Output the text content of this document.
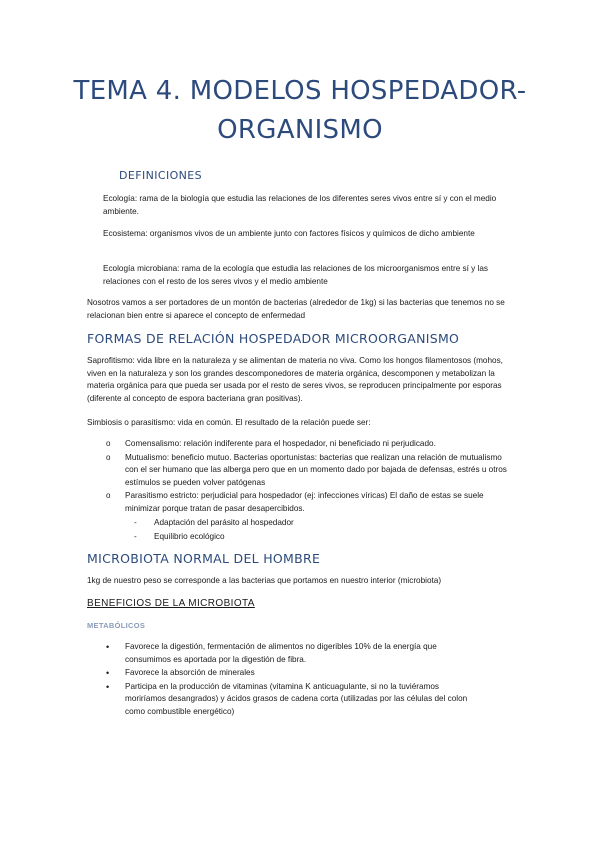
TEMA 4. MODELOS HOSPEDADOR-
ORGANISMO
DEFINICIONES

Ecología: rama de la biología que estudia las relaciones de los diferentes seres vivos entre sí y con el medio ambiente.

Ecosistema: organismos vivos de un ambiente junto con factores físicos y químicos de dicho ambiente

Ecología microbiana: rama de la ecología que estudia las relaciones de los microorganismos entre sí y las relaciones con el resto de los seres vivos y el medio ambiente

Nosotros vamos a ser portadores de un montón de bacterias (alrededor de 1kg) si las bacterias que tenemos no se relacionan bien entre si aparece el concepto de enfermedad

FORMAS DE RELACIÓN HOSPEDADOR MICROORGANISMO

Saprofitismo: vida libre en la naturaleza y se alimentan de materia no viva. Como los hongos filamentosos (mohos, viven en la naturaleza y son los grandes descomponedores de materia orgánica, descomponen y metabolizan la materia orgánica para que pueda ser usada por el resto de seres vivos, se reproducen principalmente por esporas (diferente al concepto de espora bacteriana gran positivas).

Simbiosis o parasitismo: vida en común. El resultado de la relación puede ser:

o Comensalismo: relación indiferente para el hospedador, ni beneficiado ni perjudicado.
o Mutualismo: beneficio mutuo. Bacterias oportunistas: bacterias que realizan una relación de mutualismo con el ser humano que las alberga pero que en un momento dado por bajada de defensas, estrés u otros estímulos se pueden volver patógenas
o Parasitismo estricto: perjudicial para hospedador (ej: infecciones víricas) El daño de estas se suele minimizar porque tratan de pasar desapercibidos.
- Adaptación del parásito al hospedador
- Equilibrio ecológico
MICROBIOTA NORMAL DEL HOMBRE

1kg de nuestro peso se corresponde a las bacterias que portamos en nuestro interior (microbiota)

BENEFICIOS DE LA MICROBIOTA
METABÓLICOS
• Favorece la digestión, fermentación de alimentos no digeribles 10% de la energía que consumimos es aportada por la digestión de fibra.
• Favorece la absorción de minerales
• Participa en la producción de vitaminas (vitamina K anticuagulante, si no la tuviéramos moriríamos desangrados) y ácidos grasos de cadena corta (utilizadas por las células del colon como combustible energético)
